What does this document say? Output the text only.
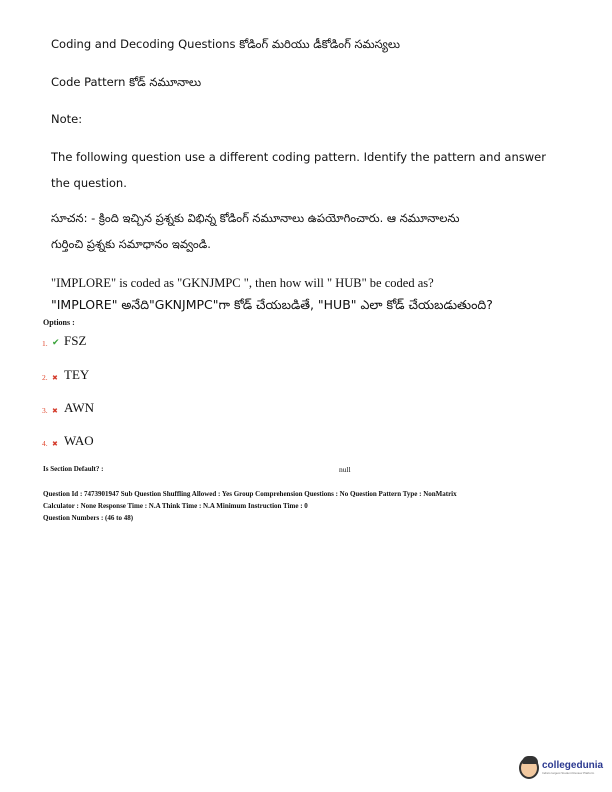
Coding and Decoding Questions కోడింగ్ మరియు డీకోడింగ్ సమస్యలు
Code Pattern కోడ్ నమూనాలు
Note:
The following question use a different coding pattern. Identify the pattern and answer
the question.
సూచన: - క్రింది ఇచ్చిన ప్రశ్నకు విభిన్న కోడింగ్ నమూనాలు ఉపయోగించారు. ఆ నమూనాలను
గుర్తించి ప్రశ్నకు సమాధానం ఇవ్వండి.
"IMPLORE" is coded as "GKNJMPC ", then how will " HUB" be coded as?
"IMPLORE" అనేది"GKNJMPC"గా కోడ్ చేయబడితే, "HUB" ఎలా కోడ్ చేయబడుతుంది?
Options :
1. ✔ FSZ
2. ✖ TEY
3. ✖ AWN
4. ✖ WAO
Is Section Default? :	null
Question Id : 7473901947 Sub Question Shuffling Allowed : Yes Group Comprehension Questions : No Question Pattern Type : NonMatrix
Calculator : None Response Time : N.A Think Time : N.A Minimum Instruction Time : 0
Question Numbers : (46 to 48)
collegedunia
India's largest Student Review Platform
